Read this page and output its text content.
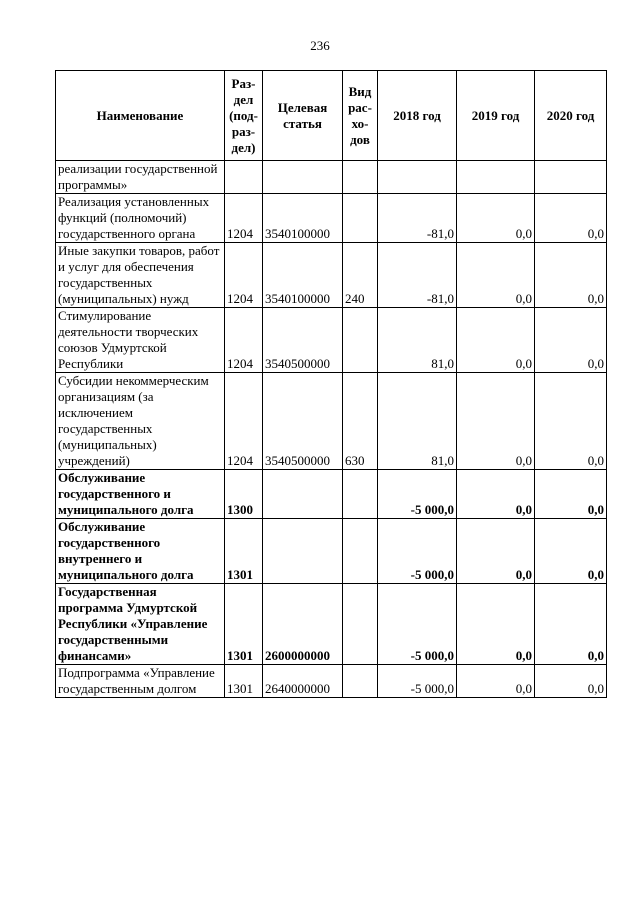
236
Наименование	Раз-дел (под-раз-дел)	Целевая статья	Вид рас-хо-дов	2018 год	2019 год	2020 год
реализации государственной программы»						
Реализация установленных функций (полномочий) государственного органа	1204	3540100000		-81,0	0,0	0,0
Иные закупки товаров, работ и услуг для обеспечения государственных (муниципальных) нужд	1204	3540100000	240	-81,0	0,0	0,0
Стимулирование деятельности творческих союзов Удмуртской Республики	1204	3540500000		81,0	0,0	0,0
Субсидии некоммерческим организациям (за исключением государственных (муниципальных) учреждений)	1204	3540500000	630	81,0	0,0	0,0
Обслуживание государственного и муниципального долга	1300			-5 000,0	0,0	0,0
Обслуживание государственного внутреннего и муниципального долга	1301			-5 000,0	0,0	0,0
Государственная программа Удмуртской Республики «Управление государственными финансами»	1301	2600000000		-5 000,0	0,0	0,0
Подпрограмма «Управление государственным долгом	1301	2640000000		-5 000,0	0,0	0,0
